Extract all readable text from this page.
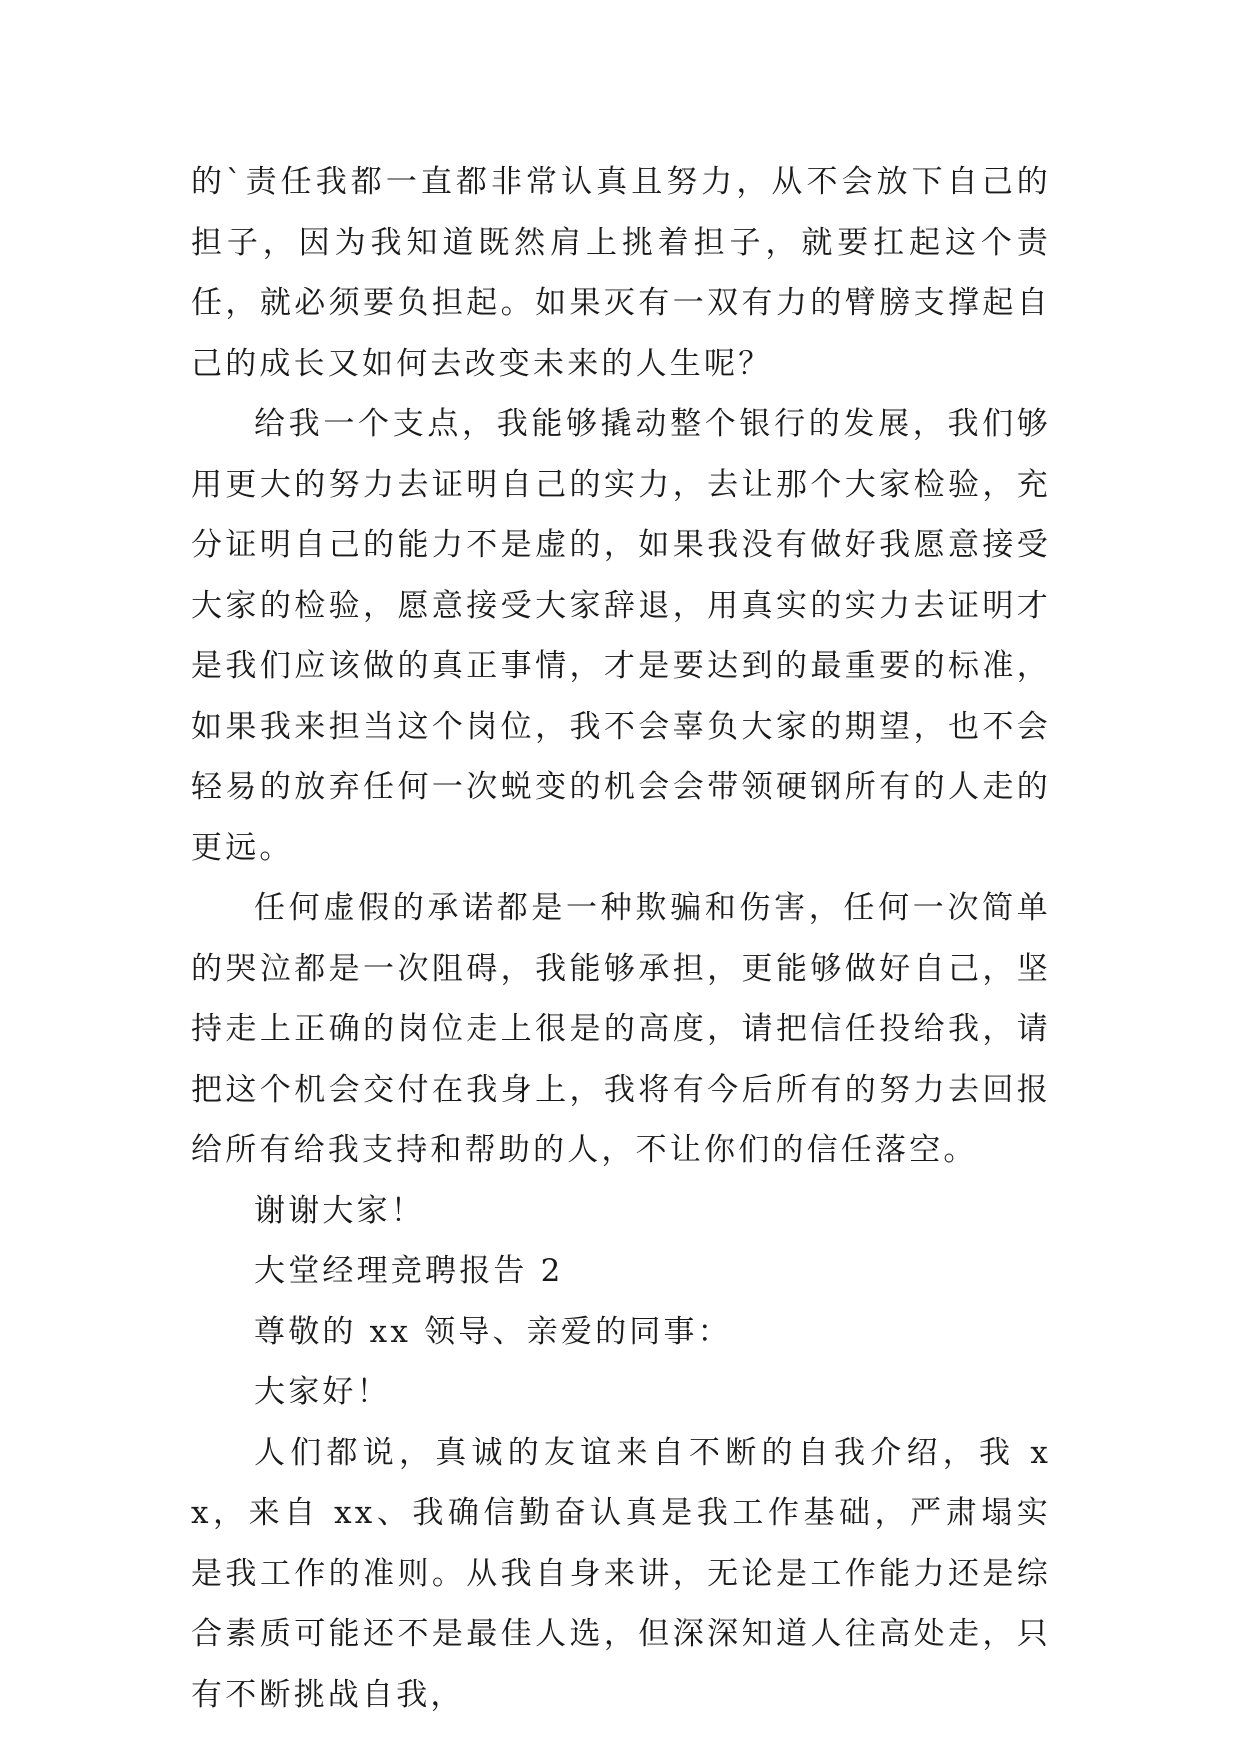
的`责任我都一直都非常认真且努力，从不会放下自己的担子，因为我知道既然肩上挑着担子，就要扛起这个责任，就必须要负担起。如果灭有一双有力的臂膀支撑起自己的成长又如何去改变未来的人生呢？

给我一个支点，我能够撬动整个银行的发展，我们够用更大的努力去证明自己的实力，去让那个大家检验，充分证明自己的能力不是虚的，如果我没有做好我愿意接受大家的检验，愿意接受大家辞退，用真实的实力去证明才是我们应该做的真正事情，才是要达到的最重要的标准，如果我来担当这个岗位，我不会辜负大家的期望，也不会轻易的放弃任何一次蜕变的机会会带领硬钢所有的人走的更远。

任何虚假的承诺都是一种欺骗和伤害，任何一次简单的哭泣都是一次阻碍，我能够承担，更能够做好自己，坚持走上正确的岗位走上很是的高度，请把信任投给我，请把这个机会交付在我身上，我将有今后所有的努力去回报给所有给我支持和帮助的人，不让你们的信任落空。

谢谢大家！

大堂经理竞聘报告 2

尊敬的 xx 领导、亲爱的同事：

大家好！

人们都说，真诚的友谊来自不断的自我介绍，我 xx，来自 xx、我确信勤奋认真是我工作基础，严肃塌实是我工作的准则。从我自身来讲，无论是工作能力还是综合素质可能还不是最佳人选，但深深知道人往高处走，只有不断挑战自我，
